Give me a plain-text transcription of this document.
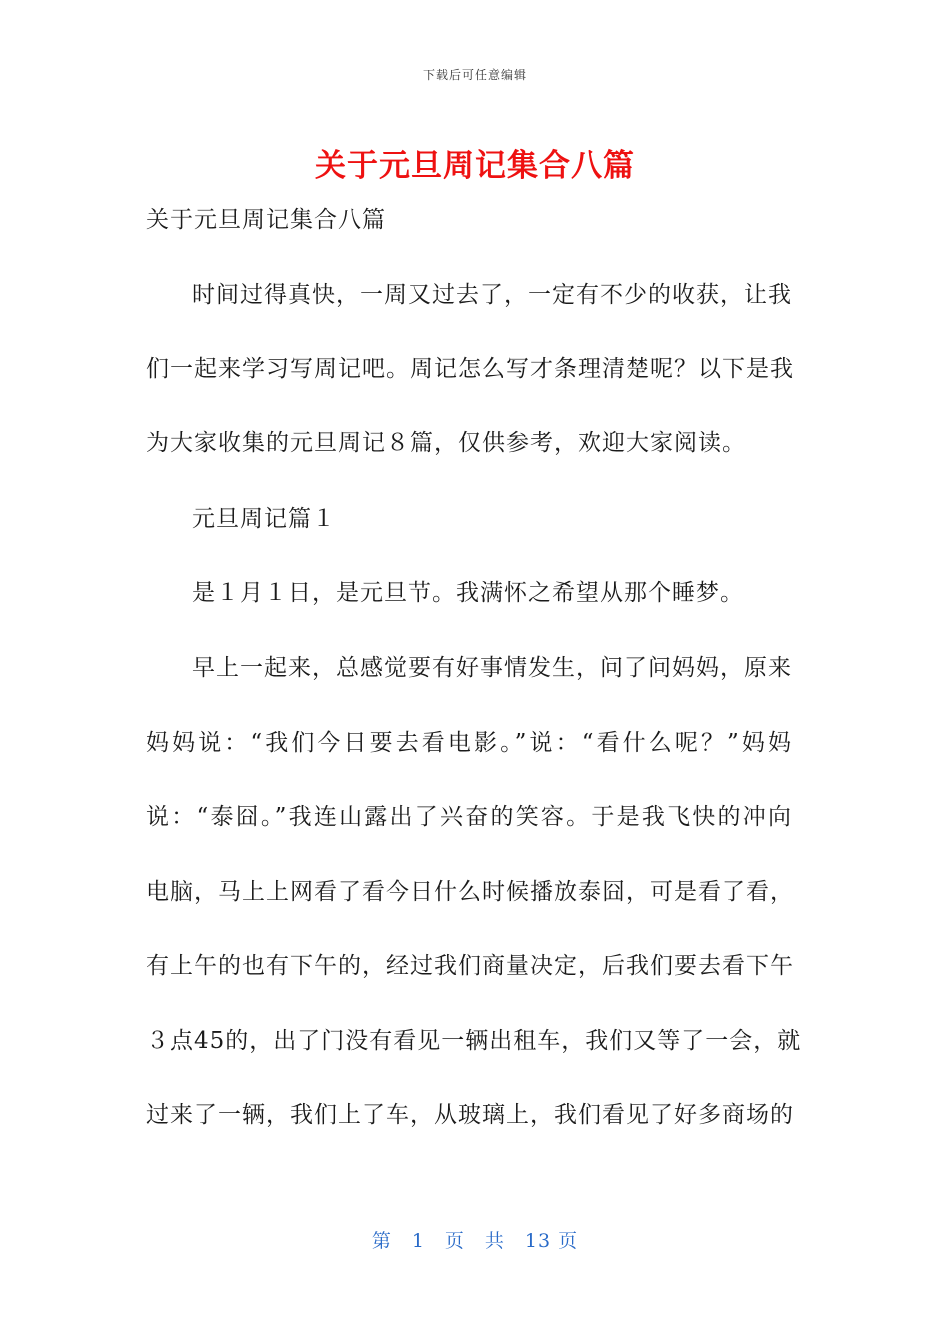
下载后可任意编辑
关于元旦周记集合八篇
关于元旦周记集合八篇
时间过得真快，一周又过去了，一定有不少的收获，让我
们一起来学习写周记吧。周记怎么写才条理清楚呢？以下是我
为大家收集的元旦周记８篇，仅供参考，欢迎大家阅读。
元旦周记篇１
是１月１日，是元旦节。我满怀之希望从那个睡梦。
早上一起来，总感觉要有好事情发生，问了问妈妈，原来
妈妈说：“我们今日要去看电影。”说：“看什么呢？”妈妈
说：“泰囧。”我连山露出了兴奋的笑容。于是我飞快的冲向
电脑，马上上网看了看今日什么时候播放泰囧，可是看了看，
有上午的也有下午的，经过我们商量决定，后我们要去看下午
３点45的，出了门没有看见一辆出租车，我们又等了一会，就
过来了一辆，我们上了车，从玻璃上，我们看见了好多商场的
第　1　页　共　13 页
